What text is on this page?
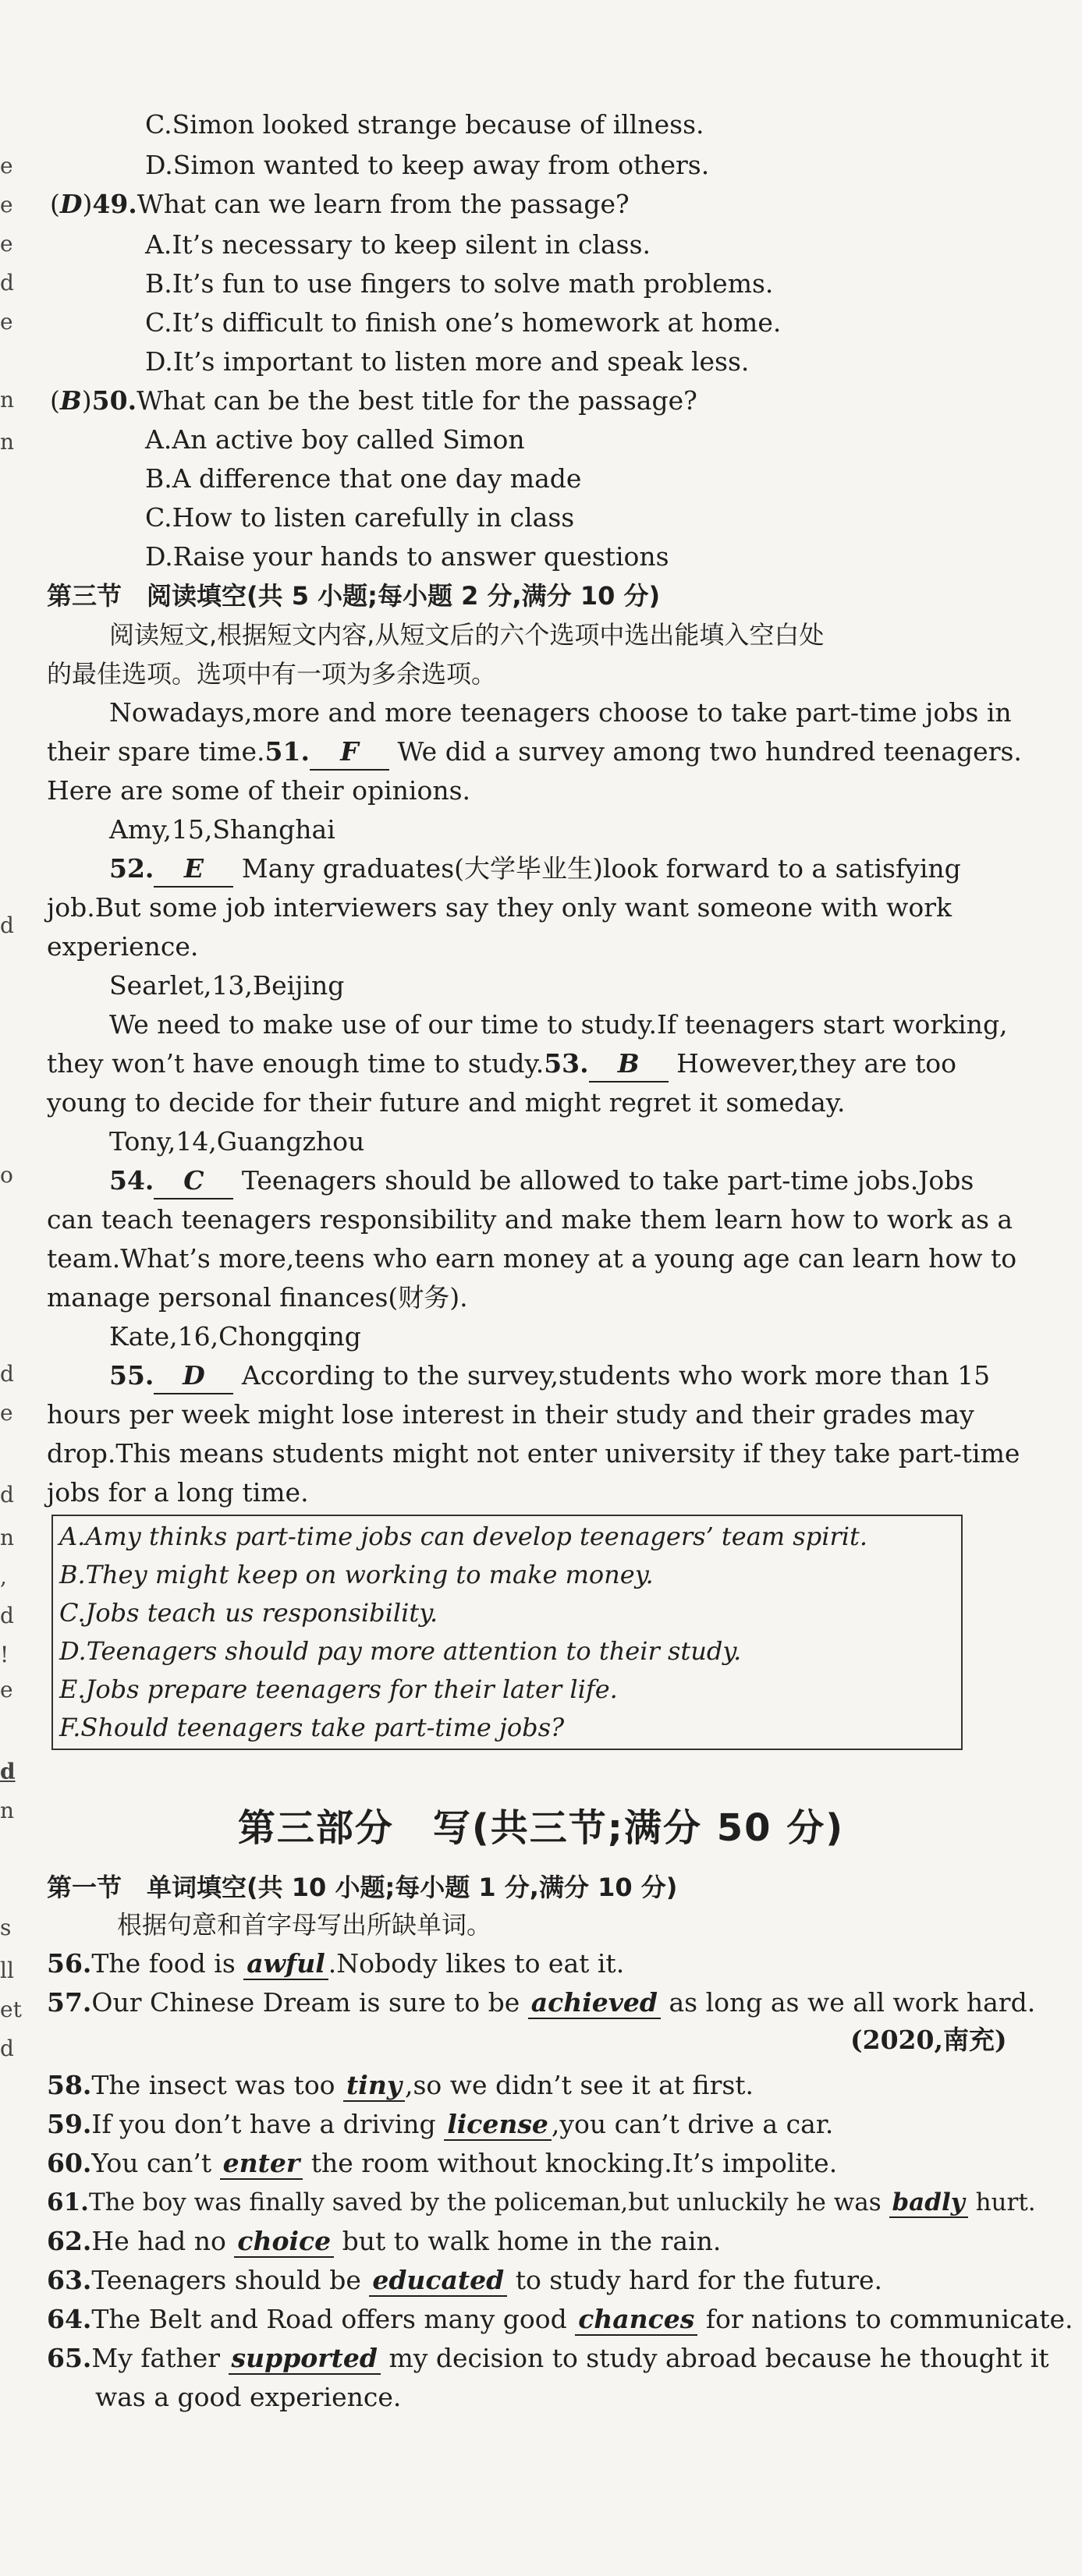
e
e
e
d
e
n
n
d
o
d
e
d
n
,
d
!
e
d
n
s
ll
et
d
C.Simon looked strange because of illness.
D.Simon wanted to keep away from others.
(D)49.What can we learn from the passage?
A.It’s necessary to keep silent in class.
B.It’s fun to use fingers to solve math problems.
C.It’s difficult to finish one’s homework at home.
D.It’s important to listen more and speak less.
(B)50.What can be the best title for the passage?
A.An active boy called Simon
B.A difference that one day made
C.How to listen carefully in class
D.Raise your hands to answer questions
第三节　阅读填空(共 5 小题;每小题 2 分,满分 10 分)
阅读短文,根据短文内容,从短文后的六个选项中选出能填入空白处
的最佳选项。选项中有一项为多余选项。
Nowadays,more and more teenagers choose to take part-time jobs in
their spare time.51. F We did a survey among two hundred teenagers.
Here are some of their opinions.
Amy,15,Shanghai
52. E Many graduates(大学毕业生)look forward to a satisfying
job.But some job interviewers say they only want someone with work
experience.
Searlet,13,Beijing
We need to make use of our time to study.If teenagers start working,
they won’t have enough time to study.53. B However,they are too
young to decide for their future and might regret it someday.
Tony,14,Guangzhou
54. C Teenagers should be allowed to take part-time jobs.Jobs
can teach teenagers responsibility and make them learn how to work as a
team.What’s more,teens who earn money at a young age can learn how to
manage personal finances(财务).
Kate,16,Chongqing
55. D According to the survey,students who work more than 15
hours per week might lose interest in their study and their grades may
drop.This means students might not enter university if they take part-time
jobs for a long time.
A.Amy thinks part-time jobs can develop teenagers’ team spirit.
B.They might keep on working to make money.
C.Jobs teach us responsibility.
D.Teenagers should pay more attention to their study.
E.Jobs prepare teenagers for their later life.
F.Should teenagers take part-time jobs?
第三部分　写(共三节;满分 50 分)
第一节　单词填空(共 10 小题;每小题 1 分,满分 10 分)
根据句意和首字母写出所缺单词。
56.The food is awful .Nobody likes to eat it.
57.Our Chinese Dream is sure to be achieved as long as we all work hard.
(2020,南充)
58.The insect was too tiny ,so we didn’t see it at first.
59.If you don’t have a driving license ,you can’t drive a car.
60.You can’t enter the room without knocking.It’s impolite.
61.The boy was finally saved by the policeman,but unluckily he was badly hurt.
62.He had no choice but to walk home in the rain.
63.Teenagers should be educated to study hard for the future.
64.The Belt and Road offers many good chances for nations to communicate.
65.My father supported my decision to study abroad because he thought it
was a good experience.
